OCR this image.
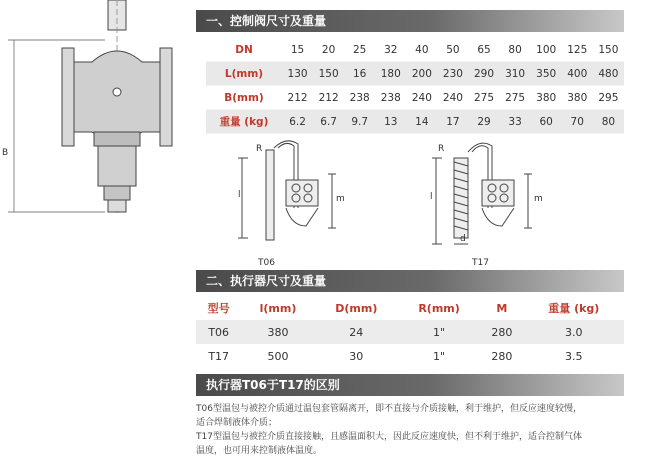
B
一、控制阀尺寸及重量
DN	15	20	25	32	40	50	65	80	100	125	150
L(mm)	130	150	16	180	200	230	290	310	350	400	480
B(mm)	212	212	238	238	240	240	275	275	380	380	295
重量 (kg)	6.2	6.7	9.7	13	14	17	29	33	60	70	80
R
l	m
T06
R
l	m
d
T17
二、执行器尺寸及重量
型号	l(mm)	D(mm)	R(mm)	M	重量 (kg)
T06	380	24	1"	280	3.0
T17	500	30	1"	280	3.5
执行器T06于T17的区别
T06型温包与被控介质通过温包套管隔离开，即不直接与介质接触，利于维护，但反应速度较慢，
适合焊制液体介质；
T17型温包与被控介质直接接触，且感温面积大，因此反应速度快，但不利于维护，适合控制气体
温度，也可用来控制液体温度。
